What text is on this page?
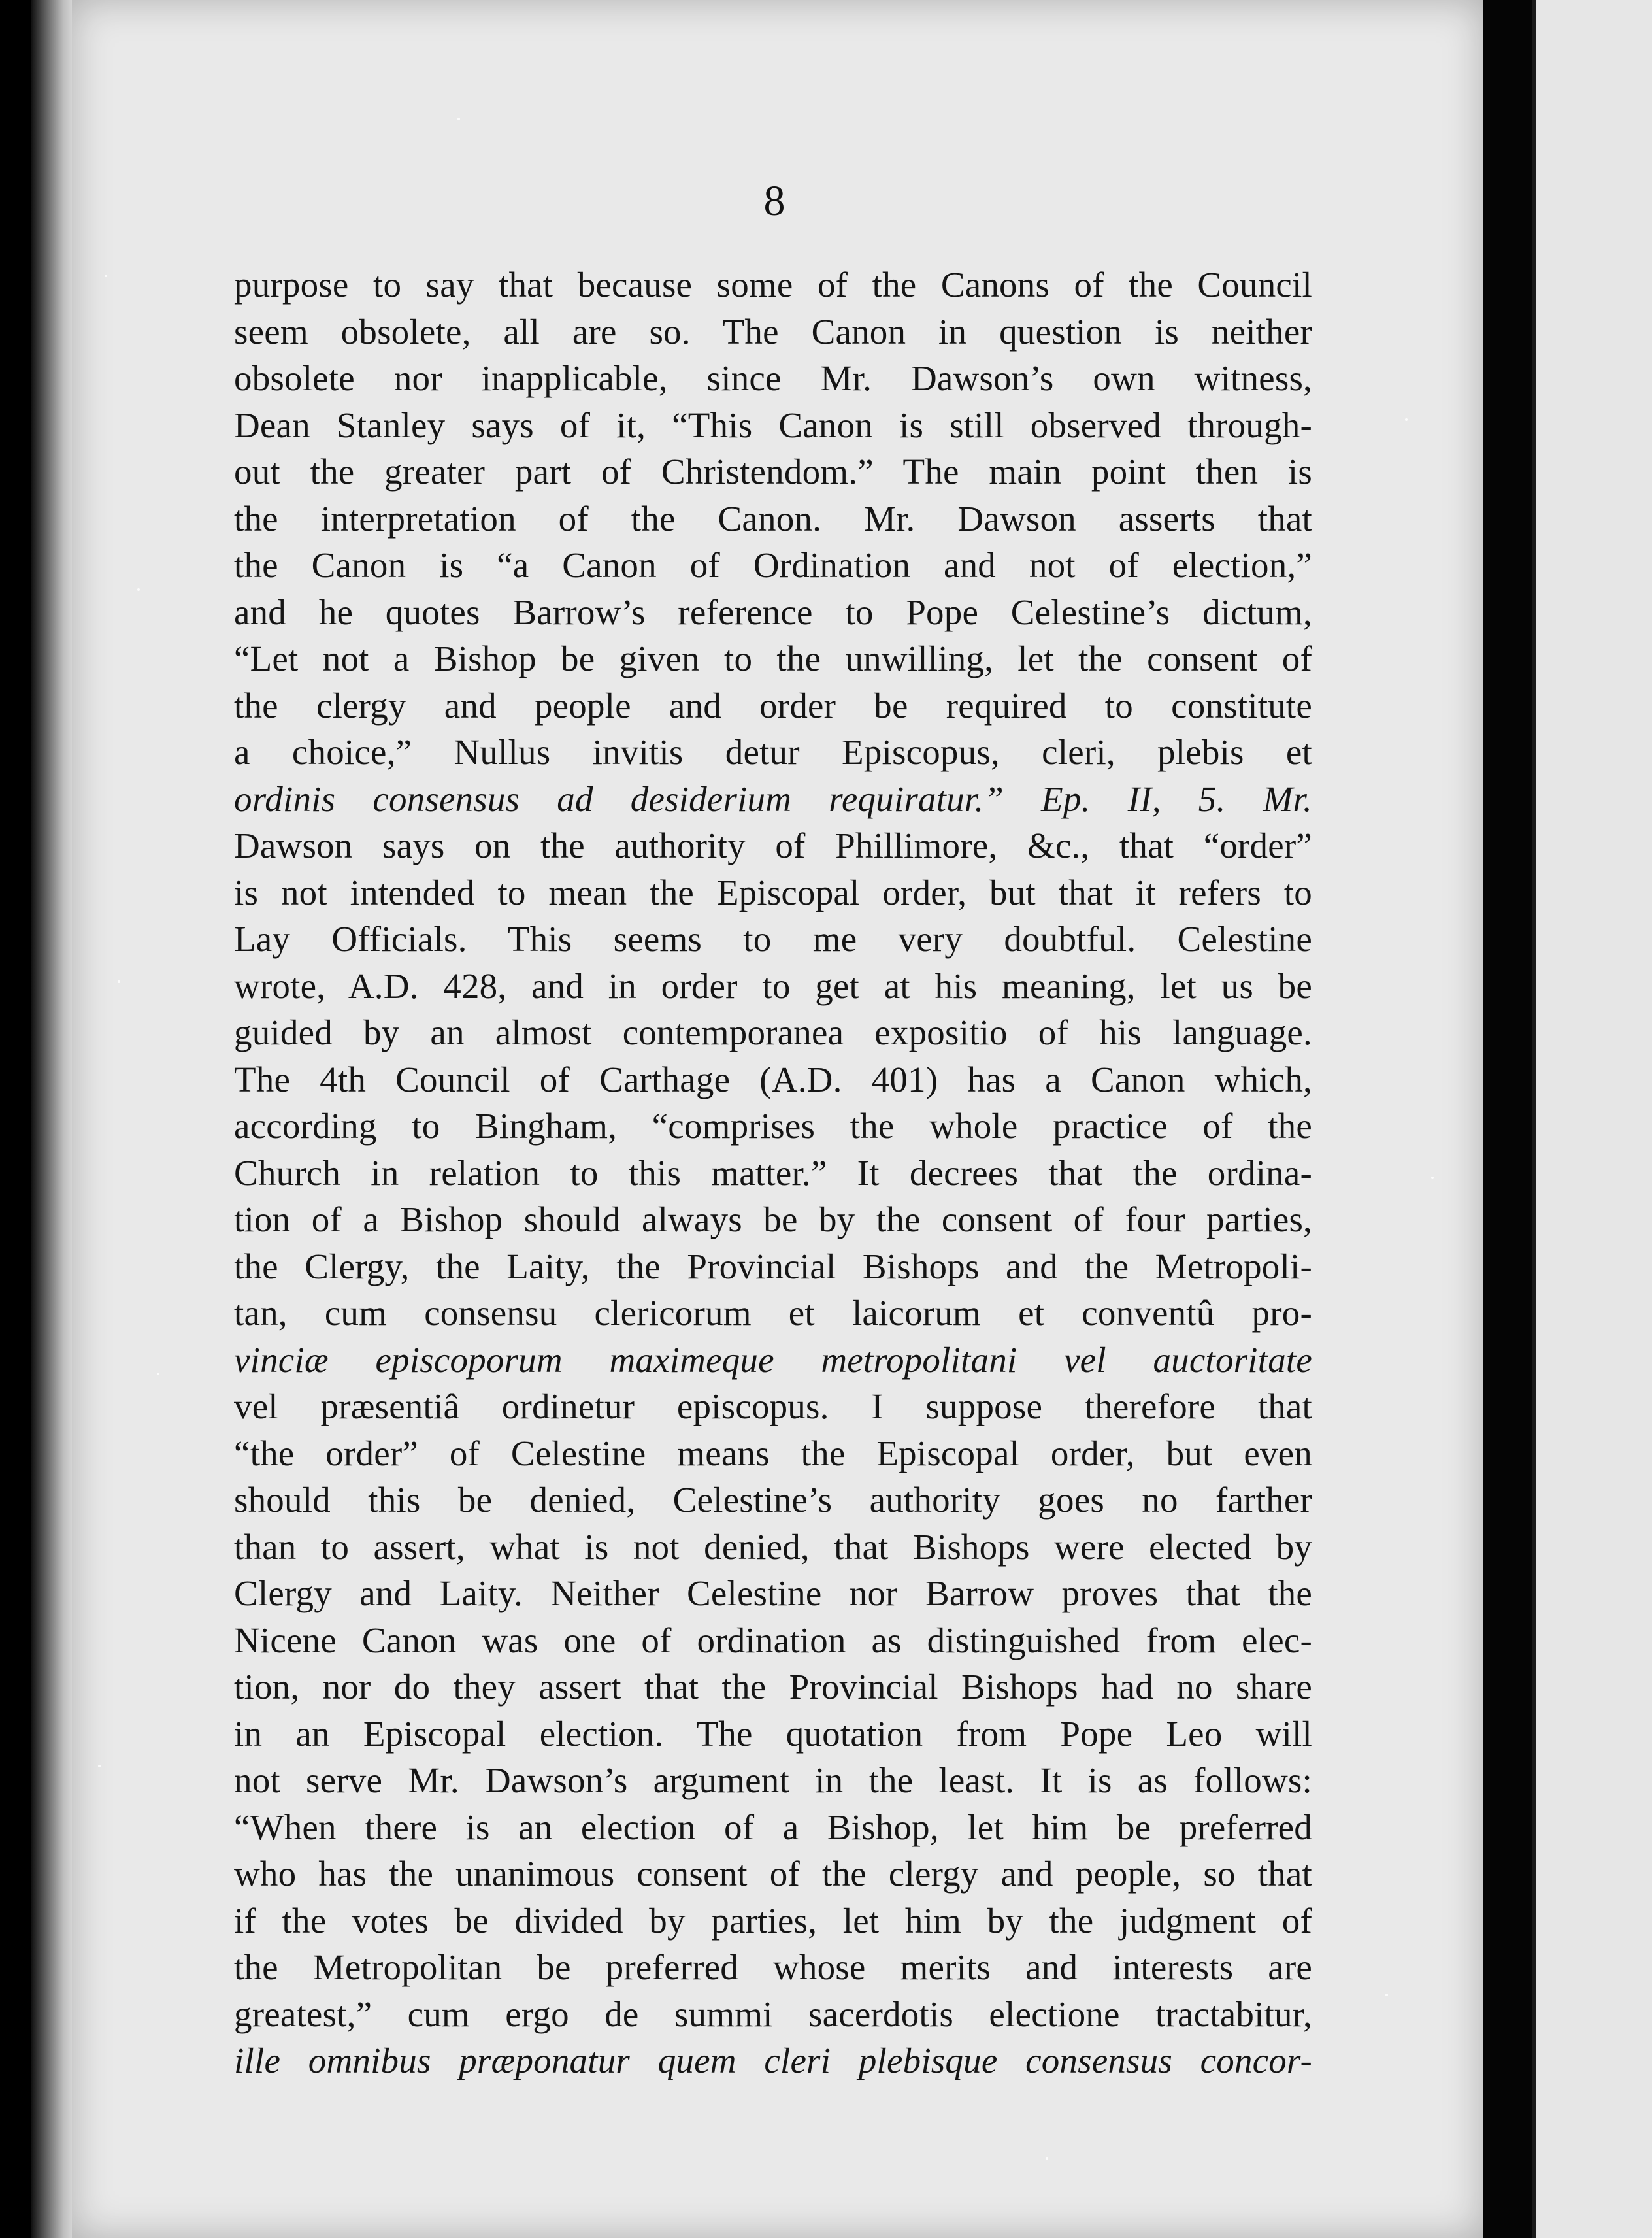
8
purpose to say that because some of the Canons of the Council
seem obsolete, all are so. The Canon in question is neither
obsolete nor inapplicable, since Mr. Dawson’s own witness,
Dean Stanley says of it, “This Canon is still observed through-
out the greater part of Christendom.” The main point then is
the interpretation of the Canon. Mr. Dawson asserts that
the Canon is “a Canon of Ordination and not of election,”
and he quotes Barrow’s reference to Pope Celestine’s dictum,
“Let not a Bishop be given to the unwilling, let the consent of
the clergy and people and order be required to constitute
a choice,” Nullus invitis detur Episcopus, cleri, plebis et
ordinis consensus ad desiderium requiratur.” Ep. II, 5. Mr.
Dawson says on the authority of Phillimore, &c., that “order”
is not intended to mean the Episcopal order, but that it refers to
Lay Officials. This seems to me very doubtful. Celestine
wrote, A.D. 428, and in order to get at his meaning, let us be
guided by an almost contemporanea expositio of his language.
The 4th Council of Carthage (A.D. 401) has a Canon which,
according to Bingham, “comprises the whole practice of the
Church in relation to this matter.” It decrees that the ordina-
tion of a Bishop should always be by the consent of four parties,
the Clergy, the Laity, the Provincial Bishops and the Metropoli-
tan, cum consensu clericorum et laicorum et conventû pro-
vinciæ episcoporum maximeque metropolitani vel auctoritate
vel præsentiâ ordinetur episcopus. I suppose therefore that
“the order” of Celestine means the Episcopal order, but even
should this be denied, Celestine’s authority goes no farther
than to assert, what is not denied, that Bishops were elected by
Clergy and Laity. Neither Celestine nor Barrow proves that the
Nicene Canon was one of ordination as distinguished from elec-
tion, nor do they assert that the Provincial Bishops had no share
in an Episcopal election. The quotation from Pope Leo will
not serve Mr. Dawson’s argument in the least. It is as follows:
“When there is an election of a Bishop, let him be preferred
who has the unanimous consent of the clergy and people, so that
if the votes be divided by parties, let him by the judgment of
the Metropolitan be preferred whose merits and interests are
greatest,” cum ergo de summi sacerdotis electione tractabitur,
ille omnibus præponatur quem cleri plebisque consensus concor-
